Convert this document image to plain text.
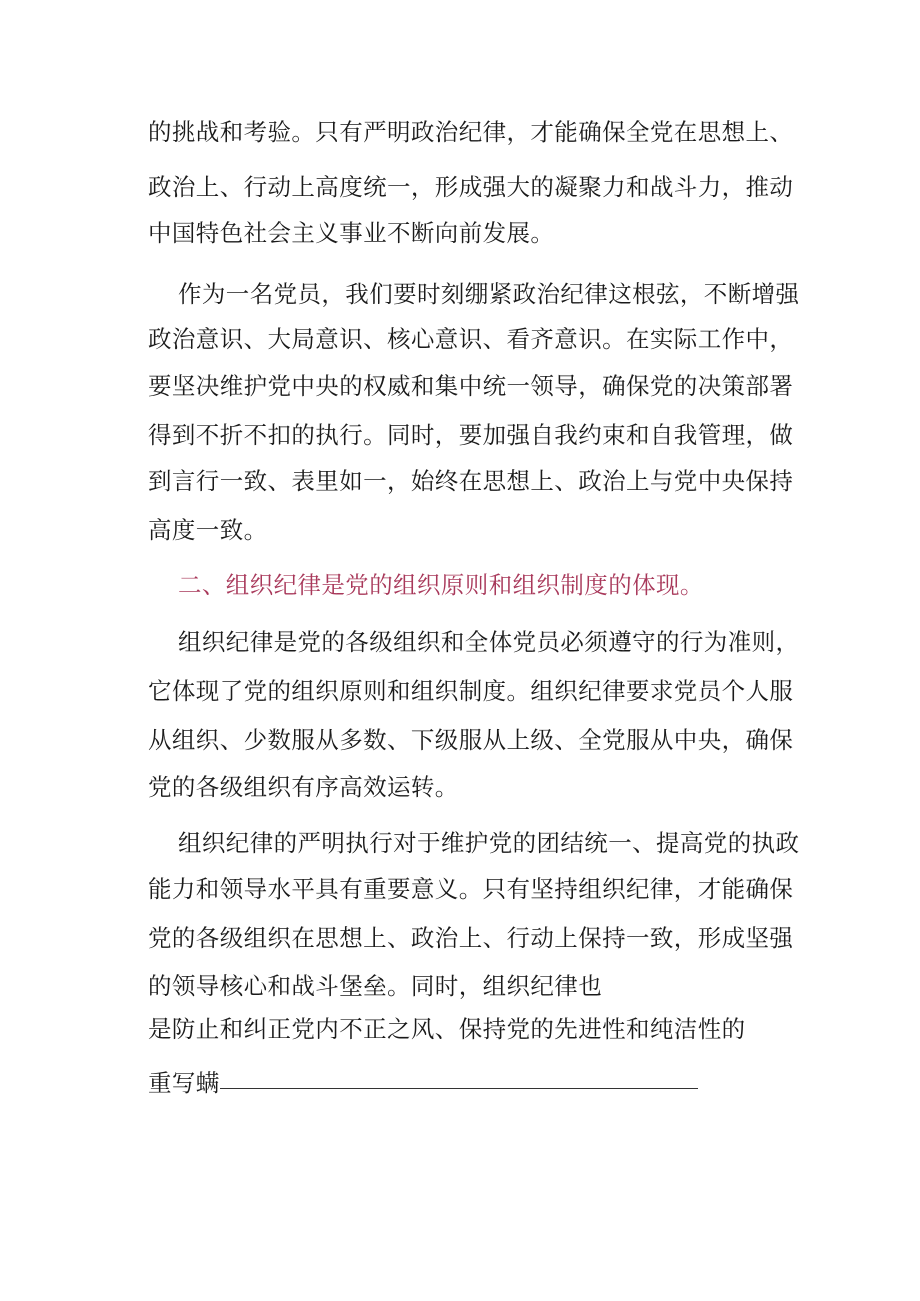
的挑战和考验。只有严明政治纪律，才能确保全党在思想上、
政治上、行动上高度统一，形成强大的凝聚力和战斗力，推动
中国特色社会主义事业不断向前发展。
作为一名党员，我们要时刻绷紧政治纪律这根弦，不断增强
政治意识、大局意识、核心意识、看齐意识。在实际工作中，
要坚决维护党中央的权威和集中统一领导，确保党的决策部署
得到不折不扣的执行。同时，要加强自我约束和自我管理，做
到言行一致、表里如一，始终在思想上、政治上与党中央保持
高度一致。
二、组织纪律是党的组织原则和组织制度的体现。
组织纪律是党的各级组织和全体党员必须遵守的行为准则，
它体现了党的组织原则和组织制度。组织纪律要求党员个人服
从组织、少数服从多数、下级服从上级、全党服从中央，确保
党的各级组织有序高效运转。
组织纪律的严明执行对于维护党的团结统一、提高党的执政
能力和领导水平具有重要意义。只有坚持组织纪律，才能确保
党的各级组织在思想上、政治上、行动上保持一致，形成坚强
的领导核心和战斗堡垒。同时，组织纪律也
是防止和纠正党内不正之风、保持党的先进性和纯洁性的
重写螨
